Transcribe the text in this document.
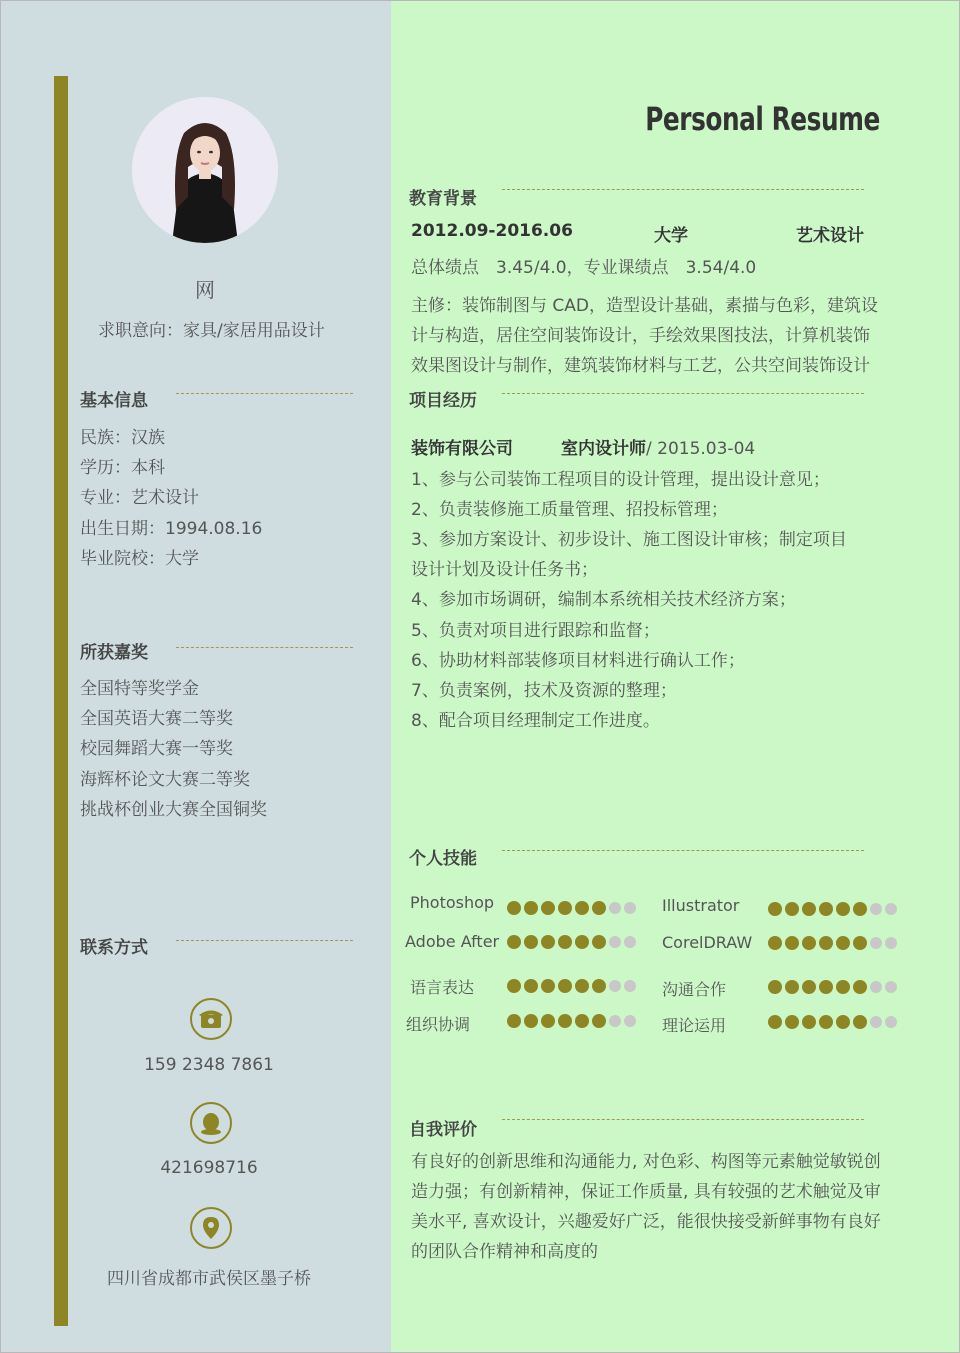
网
求职意向：家具/家居用品设计
基本信息
民族：汉族
学历：本科
专业：艺术设计
出生日期：1994.08.16
毕业院校：大学
所获嘉奖
全国特等奖学金
全国英语大赛二等奖
校园舞蹈大赛一等奖
海辉杯论文大赛二等奖
挑战杯创业大赛全国铜奖
联系方式
159 2348 7861
421698716
四川省成都市武侯区墨子桥
Personal Resume
教育背景
2012.09-2016.06	大学	艺术设计
总体绩点　3.45/4.0，专业课绩点　3.54/4.0
主修：装饰制图与 CAD，造型设计基础，素描与色彩，建筑设
计与构造，居住空间装饰设计，手绘效果图技法，计算机装饰
效果图设计与制作，建筑装饰材料与工艺，公共空间装饰设计
项目经历
装饰有限公司	室内设计师/ 2015.03-04
1、参与公司装饰工程项目的设计管理，提出设计意见；
2、负责装修施工质量管理、招投标管理；
3、参加方案设计、初步设计、施工图设计审核；制定项目
设计计划及设计任务书；
4、参加市场调研，编制本系统相关技术经济方案；
5、负责对项目进行跟踪和监督；
6、协助材料部装修项目材料进行确认工作；
7、负责案例，技术及资源的整理；
8、配合项目经理制定工作进度。
个人技能
Photoshop	Illustrator
Adobe After	CorelDRAW
语言表达	沟通合作
组织协调	理论运用
自我评价
有良好的创新思维和沟通能力, 对色彩、构图等元素触觉敏锐创
造力强；有创新精神，保证工作质量, 具有较强的艺术触觉及审
美水平, 喜欢设计，兴趣爱好广泛，能很快接受新鲜事物有良好
的团队合作精神和高度的
